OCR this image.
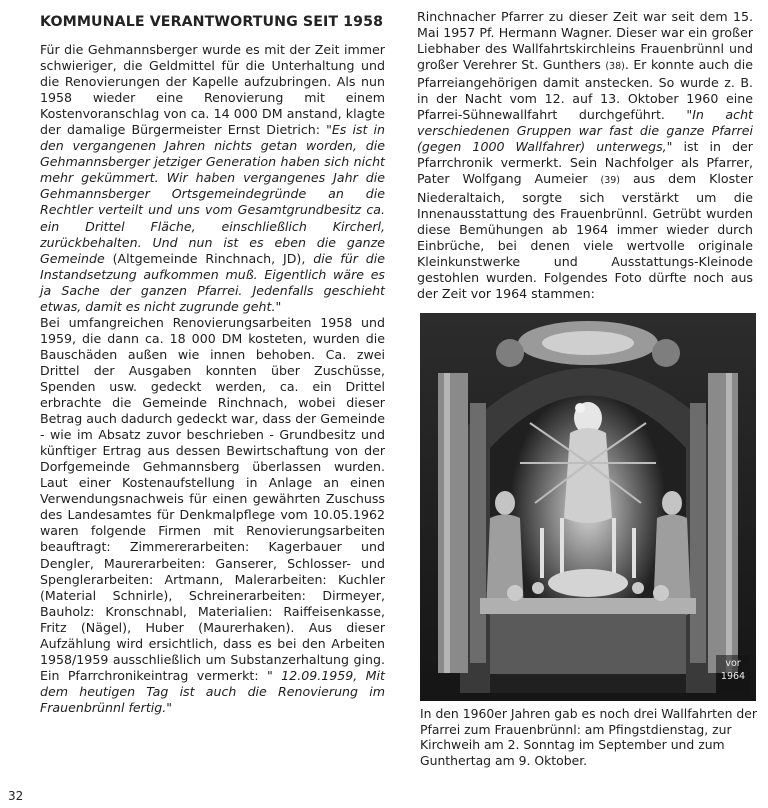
KOMMUNALE VERANTWORTUNG SEIT 1958

Für die Gehmannsberger wurde es mit der Zeit immer schwieriger, die Geldmittel für die Unterhaltung und die Renovierungen der Kapelle aufzubringen. Als nun 1958 wieder eine Renovierung mit einem Kostenvoranschlag von ca. 14 000 DM anstand, klagte der damalige Bürgermeister Ernst Dietrich: "Es ist in den vergangenen Jahren nichts getan worden, die Gehmannsberger jetziger Generation haben sich nicht mehr gekümmert. Wir haben vergangenes Jahr die Gehmannsberger Ortsgemeindegründe an die Rechtler verteilt und uns vom Gesamtgrundbesitz ca. ein Drittel Fläche, einschließlich Kircherl, zurückbehalten. Und nun ist es eben die ganze Gemeinde (Altgemeinde Rinchnach, JD), die für die Instandsetzung aufkommen muß. Eigentlich wäre es ja Sache der ganzen Pfarrei. Jedenfalls geschieht etwas, damit es nicht zugrunde geht."

Bei umfangreichen Renovierungsarbeiten 1958 und 1959, die dann ca. 18 000 DM kosteten, wurden die Bauschäden außen wie innen behoben. Ca. zwei Drittel der Ausgaben konnten über Zuschüsse, Spenden usw. gedeckt werden, ca. ein Drittel erbrachte die Gemeinde Rinchnach, wobei dieser Betrag auch dadurch gedeckt war, dass der Gemeinde - wie im Absatz zuvor beschrieben - Grundbesitz und künftiger Ertrag aus dessen Bewirtschaftung von der Dorfgemeinde Gehmannsberg überlassen wurden. Laut einer Kostenaufstellung in Anlage an einen Verwendungsnachweis für einen gewährten Zuschuss des Landesamtes für Denkmalpflege vom 10.05.1962 waren folgende Firmen mit Renovierungsarbeiten beauftragt: Zimmererarbeiten: Kagerbauer und Dengler, Maurerarbeiten: Ganserer, Schlosser- und Spenglerarbeiten: Artmann, Malerarbeiten: Kuchler (Material Schnirle), Schreinerarbeiten: Dirmeyer, Bauholz: Kronschnabl, Materialien: Raiffeisenkasse, Fritz (Nägel), Huber (Maurerhaken). Aus dieser Aufzählung wird ersichtlich, dass es bei den Arbeiten 1958/1959 ausschließlich um Substanzerhaltung ging. Ein Pfarrchronikeintrag vermerkt: " 12.09.1959, Mit dem heutigen Tag ist auch die Renovierung im Frauenbrünnl fertig."

Rinchnacher Pfarrer zu dieser Zeit war seit dem 15. Mai 1957 Pf. Hermann Wagner. Dieser war ein großer Liebhaber des Wallfahrtskirchleins Frauenbrünnl und großer Verehrer St. Gunthers (38). Er konnte auch die Pfarreiangehörigen damit anstecken. So wurde z. B. in der Nacht vom 12. auf 13. Oktober 1960 eine Pfarrei-Sühnewallfahrt durchgeführt. "In acht verschiedenen Gruppen war fast die ganze Pfarrei (gegen 1000 Wallfahrer) unterwegs," ist in der Pfarrchronik vermerkt. Sein Nachfolger als Pfarrer, Pater Wolfgang Aumeier (39) aus dem Kloster Niederaltaich, sorgte sich verstärkt um die Innenausstattung des Frauenbrünnl. Getrübt wurden diese Bemühungen ab 1964 immer wieder durch Einbrüche, bei denen viele wertvolle originale Kleinkunstwerke und Ausstattungs-Kleinode gestohlen wurden. Folgendes Foto dürfte noch aus der Zeit vor 1964 stammen:

vor
1964

In den 1960er Jahren gab es noch drei Wallfahrten der Pfarrei zum Frauenbrünnl: am Pfingstdienstag, zur Kirchweih am 2. Sonntag im September und zum Gunthertag am 9. Oktober.

32
